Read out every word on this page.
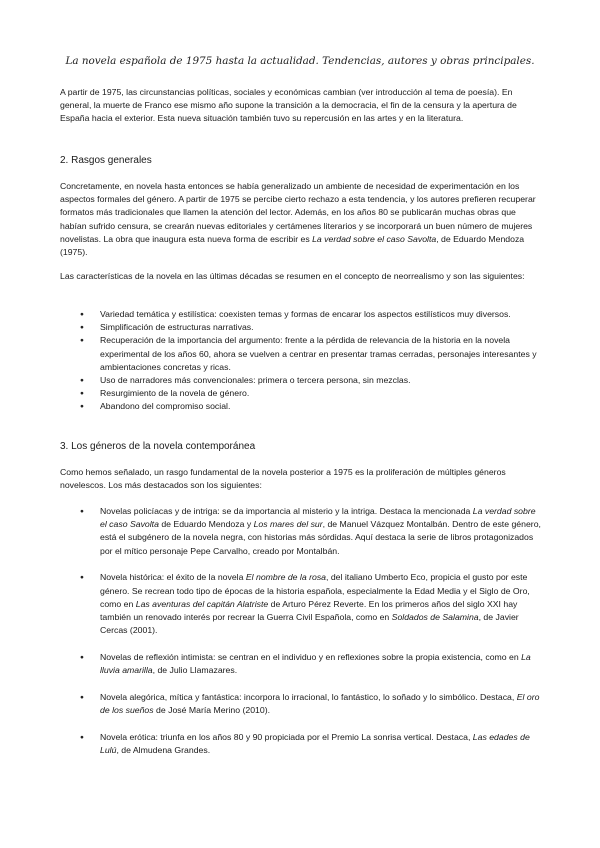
La novela española de 1975 hasta la actualidad. Tendencias, autores y obras principales.

A partir de 1975, las circunstancias políticas, sociales y económicas cambian (ver introducción al tema de poesía). En general, la muerte de Franco ese mismo año supone la transición a la democracia, el fin de la censura y la apertura de España hacia el exterior. Esta nueva situación también tuvo su repercusión en las artes y en la literatura.

2. Rasgos generales

Concretamente, en novela hasta entonces se había generalizado un ambiente de necesidad de experimentación en los aspectos formales del género. A partir de 1975 se percibe cierto rechazo a esta tendencia, y los autores prefieren recuperar formatos más tradicionales que llamen la atención del lector. Además, en los años 80 se publicarán muchas obras que habían sufrido censura, se crearán nuevas editoriales y certámenes literarios y se incorporará un buen número de mujeres novelistas. La obra que inaugura esta nueva forma de escribir es La verdad sobre el caso Savolta, de Eduardo Mendoza (1975).

Las características de la novela en las últimas décadas se resumen en el concepto de neorrealismo y son las siguientes:

● Variedad temática y estilística: coexisten temas y formas de encarar los aspectos estilísticos muy diversos.
● Simplificación de estructuras narrativas.
● Recuperación de la importancia del argumento: frente a la pérdida de relevancia de la historia en la novela experimental de los años 60, ahora se vuelven a centrar en presentar tramas cerradas, personajes interesantes y ambientaciones concretas y ricas.
● Uso de narradores más convencionales: primera o tercera persona, sin mezclas.
● Resurgimiento de la novela de género.
● Abandono del compromiso social.
3. Los géneros de la novela contemporánea

Como hemos señalado, un rasgo fundamental de la novela posterior a 1975 es la proliferación de múltiples géneros novelescos. Los más destacados son los siguientes:

● Novelas policíacas y de intriga: se da importancia al misterio y la intriga. Destaca la mencionada La verdad sobre el caso Savolta de Eduardo Mendoza y Los mares del sur, de Manuel Vázquez Montalbán. Dentro de este género, está el subgénero de la novela negra, con historias más sórdidas. Aquí destaca la serie de libros protagonizados por el mítico personaje Pepe Carvalho, creado por Montalbán.
● Novela histórica: el éxito de la novela El nombre de la rosa, del italiano Umberto Eco, propicia el gusto por este género. Se recrean todo tipo de épocas de la historia española, especialmente la Edad Media y el Siglo de Oro, como en Las aventuras del capitán Alatriste de Arturo Pérez Reverte. En los primeros años del siglo XXI hay también un renovado interés por recrear la Guerra Civil Española, como en Soldados de Salamina, de Javier Cercas (2001).
● Novelas de reflexión intimista: se centran en el individuo y en reflexiones sobre la propia existencia, como en La lluvia amarilla, de Julio Llamazares.
● Novela alegórica, mítica y fantástica: incorpora lo irracional, lo fantástico, lo soñado y lo simbólico. Destaca, El oro de los sueños de José María Merino (2010).
● Novela erótica: triunfa en los años 80 y 90 propiciada por el Premio La sonrisa vertical. Destaca, Las edades de Lulú, de Almudena Grandes.
